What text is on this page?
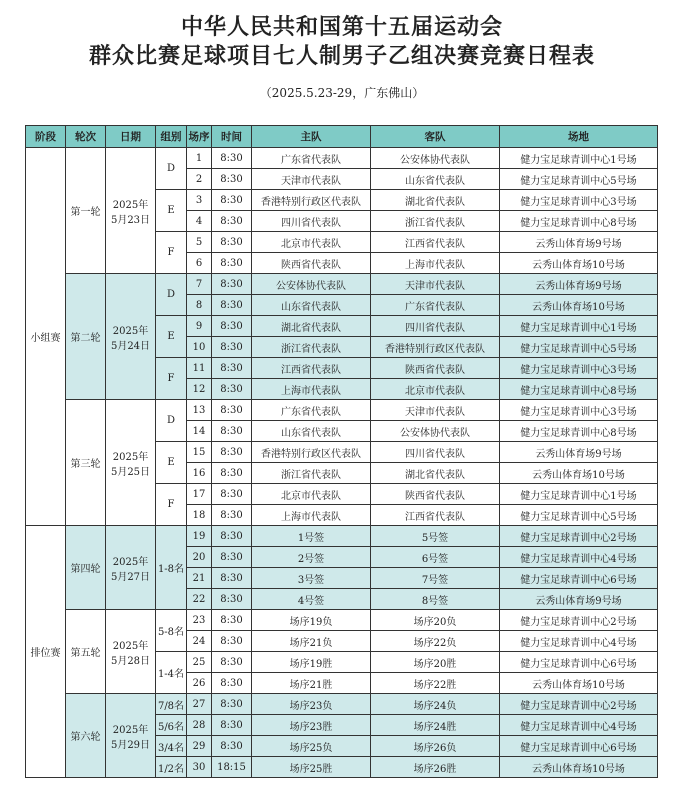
中华人民共和国第十五届运动会
群众比赛足球项目七人制男子乙组决赛竞赛日程表
（2025.5.23-29，广东佛山）
阶段	轮次	日期	组别	场序	时间	主队	客队	场地
小组赛	第一轮	2025年
5月23日	D	1	8:30	广东省代表队	公安体协代表队	健力宝足球青训中心1号场
				2	8:30	天津市代表队	山东省代表队	健力宝足球青训中心5号场
			E	3	8:30	香港特别行政区代表队	湖北省代表队	健力宝足球青训中心3号场
				4	8:30	四川省代表队	浙江省代表队	健力宝足球青训中心8号场
			F	5	8:30	北京市代表队	江西省代表队	云秀山体育场9号场
				6	8:30	陕西省代表队	上海市代表队	云秀山体育场10号场
	第二轮	2025年
5月24日	D	7	8:30	公安体协代表队	天津市代表队	云秀山体育场9号场
				8	8:30	山东省代表队	广东省代表队	云秀山体育场10号场
			E	9	8:30	湖北省代表队	四川省代表队	健力宝足球青训中心1号场
				10	8:30	浙江省代表队	香港特别行政区代表队	健力宝足球青训中心5号场
			F	11	8:30	江西省代表队	陕西省代表队	健力宝足球青训中心3号场
				12	8:30	上海市代表队	北京市代表队	健力宝足球青训中心8号场
	第三轮	2025年
5月25日	D	13	8:30	广东省代表队	天津市代表队	健力宝足球青训中心3号场
				14	8:30	山东省代表队	公安体协代表队	健力宝足球青训中心8号场
			E	15	8:30	香港特别行政区代表队	四川省代表队	云秀山体育场9号场
				16	8:30	浙江省代表队	湖北省代表队	云秀山体育场10号场
			F	17	8:30	北京市代表队	陕西省代表队	健力宝足球青训中心1号场
				18	8:30	上海市代表队	江西省代表队	健力宝足球青训中心5号场
排位赛	第四轮	2025年
5月27日	1-8名	19	8:30	1号签	5号签	健力宝足球青训中心2号场
				20	8:30	2号签	6号签	健力宝足球青训中心4号场
				21	8:30	3号签	7号签	健力宝足球青训中心6号场
				22	8:30	4号签	8号签	云秀山体育场9号场
	第五轮	2025年
5月28日	5-8名	23	8:30	场序19负	场序20负	健力宝足球青训中心2号场
				24	8:30	场序21负	场序22负	健力宝足球青训中心4号场
			1-4名	25	8:30	场序19胜	场序20胜	健力宝足球青训中心6号场
				26	8:30	场序21胜	场序22胜	云秀山体育场10号场
	第六轮	2025年
5月29日	7/8名	27	8:30	场序23负	场序24负	健力宝足球青训中心2号场
			5/6名	28	8:30	场序23胜	场序24胜	健力宝足球青训中心4号场
			3/4名	29	8:30	场序25负	场序26负	健力宝足球青训中心6号场
			1/2名	30	18:15	场序25胜	场序26胜	云秀山体育场10号场
